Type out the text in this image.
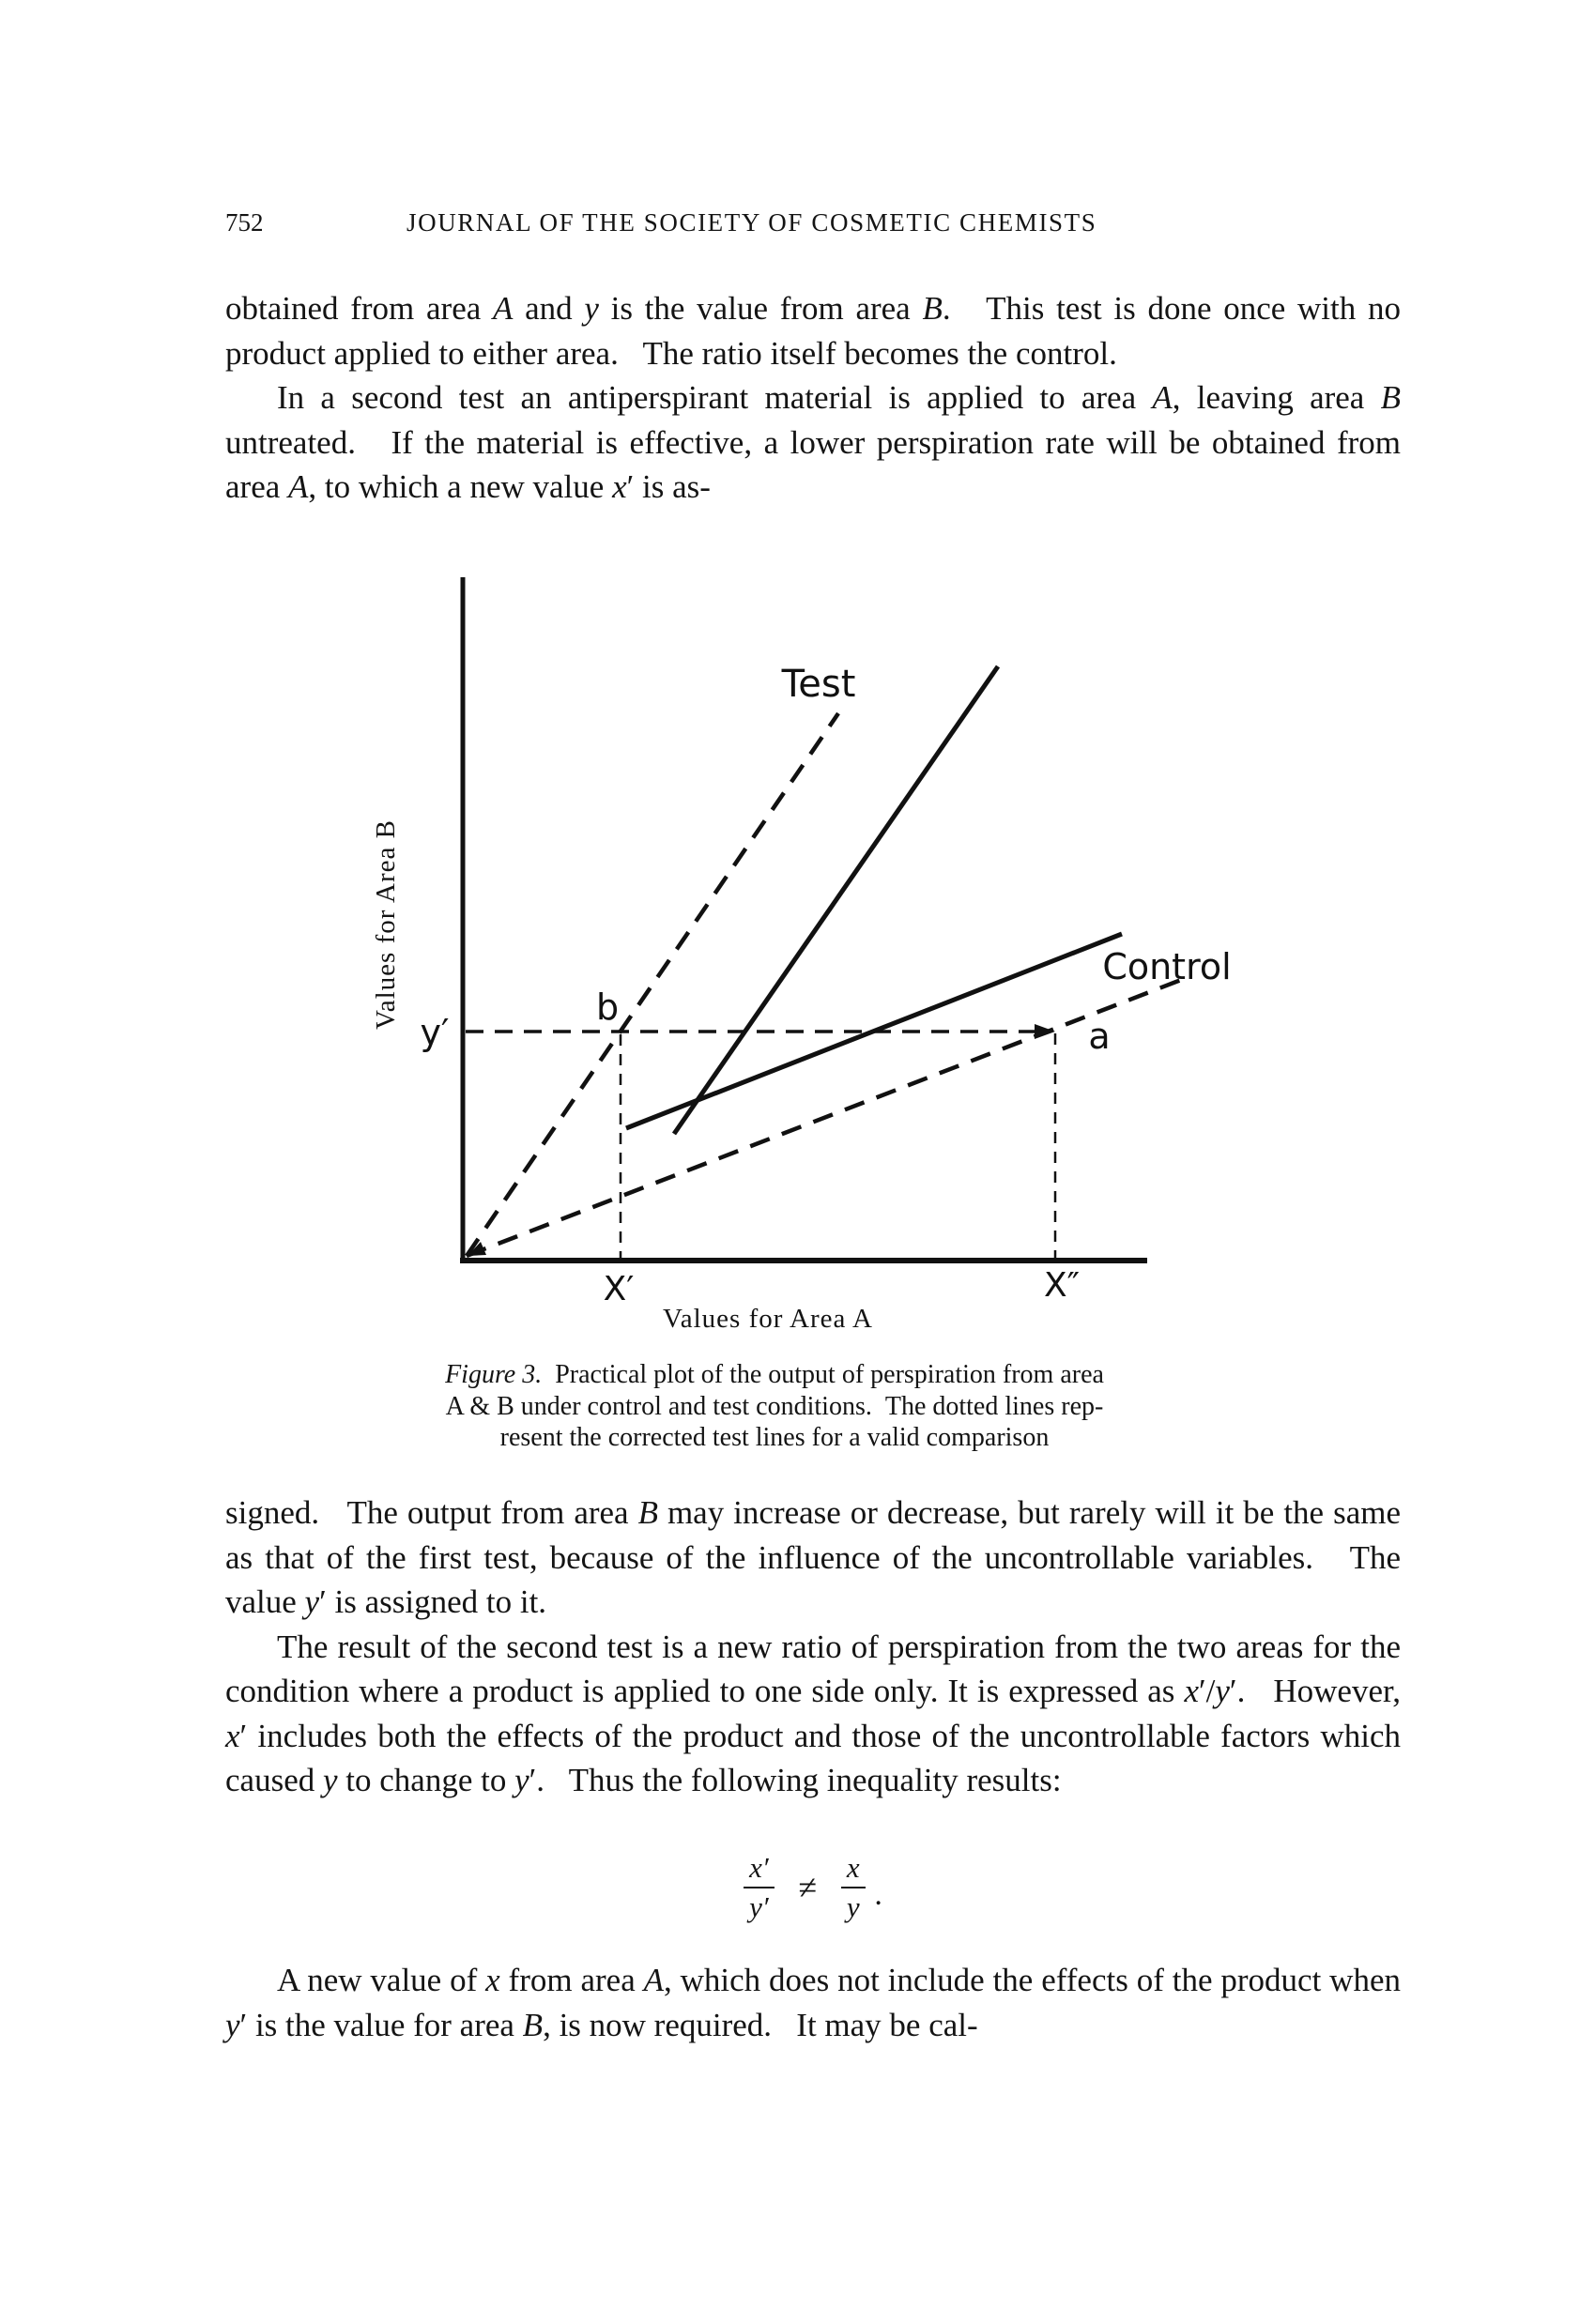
752	JOURNAL OF THE SOCIETY OF COSMETIC CHEMISTS

obtained from area A and y is the value from area B.   This test is done once with no product applied to either area.   The ratio itself becomes the control.

In a second test an antiperspirant material is applied to area A, leaving area B untreated.   If the material is effective, a lower perspiration rate will be obtained from area A, to which a new value x′ is as-

Values for Area B
Values for Area A
Test
Control
y′
b
a
X′	X″
Figure 3.  Practical plot of the output of perspiration from area
A & B under control and test conditions.  The dotted lines rep-
resent the corrected test lines for a valid comparison

signed.   The output from area B may increase or decrease, but rarely will it be the same as that of the first test, because of the influence of the uncontrollable variables.   The value y′ is assigned to it.

The result of the second test is a new ratio of perspiration from the two areas for the condition where a product is applied to one side only. It is expressed as x′/y′.   However, x′ includes both the effects of the product and those of the uncontrollable factors which caused y to change to y′.   Thus the following inequality results:

$\frac{x'}{y'} \ne \frac{x}{y}$ .

A new value of x from area A, which does not include the effects of the product when y′ is the value for area B, is now required.   It may be cal-
